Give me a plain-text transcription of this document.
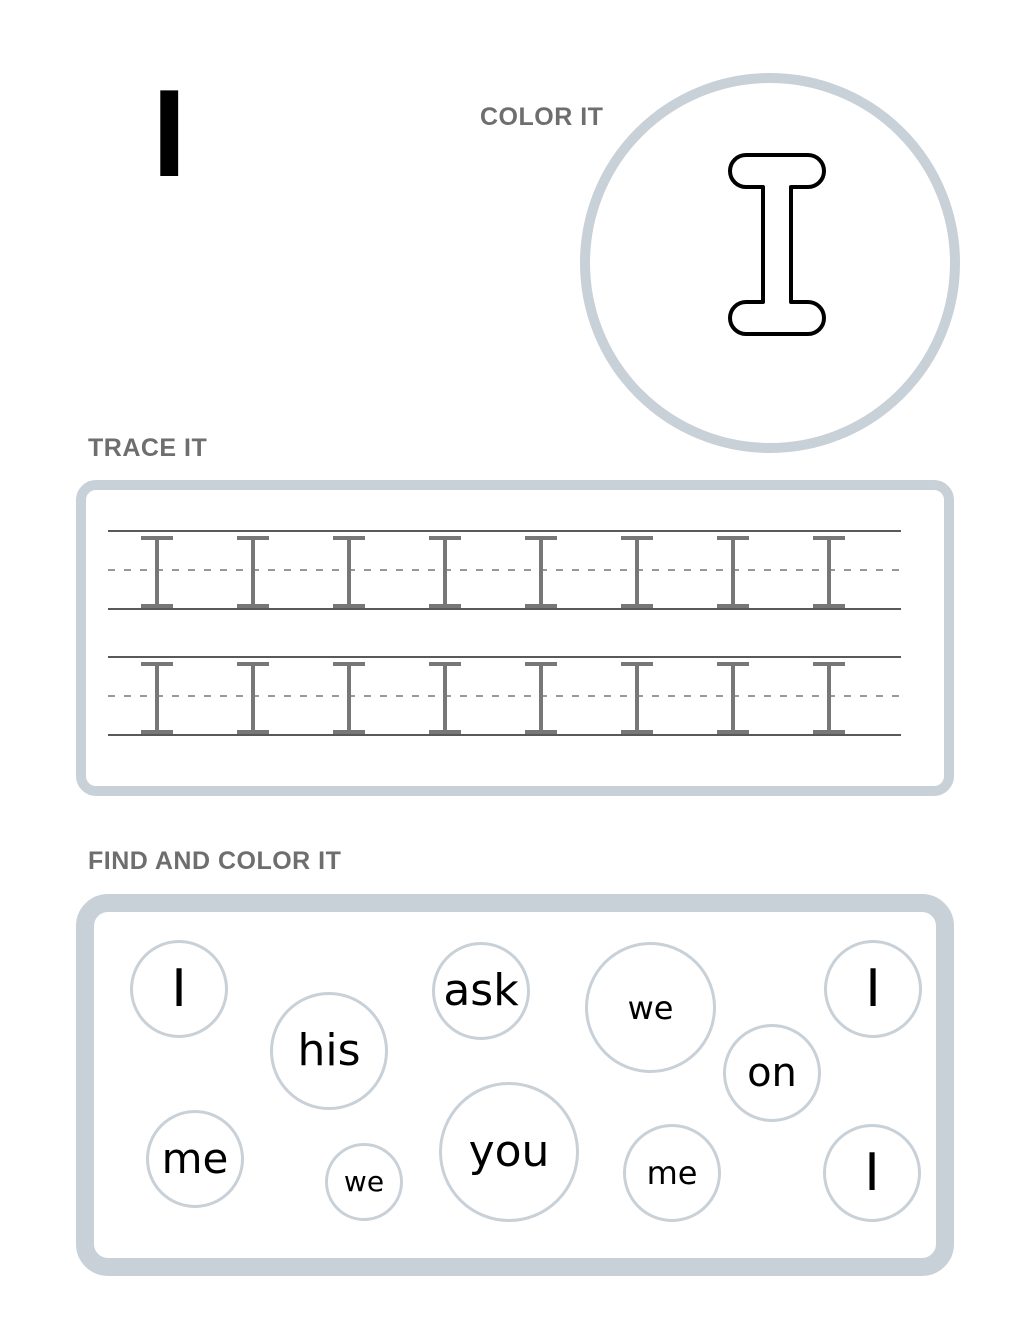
I	COLOR IT
TRACE IT
FIND AND COLOR IT
I
his
ask	we	I
on
me	we
you	me	I
